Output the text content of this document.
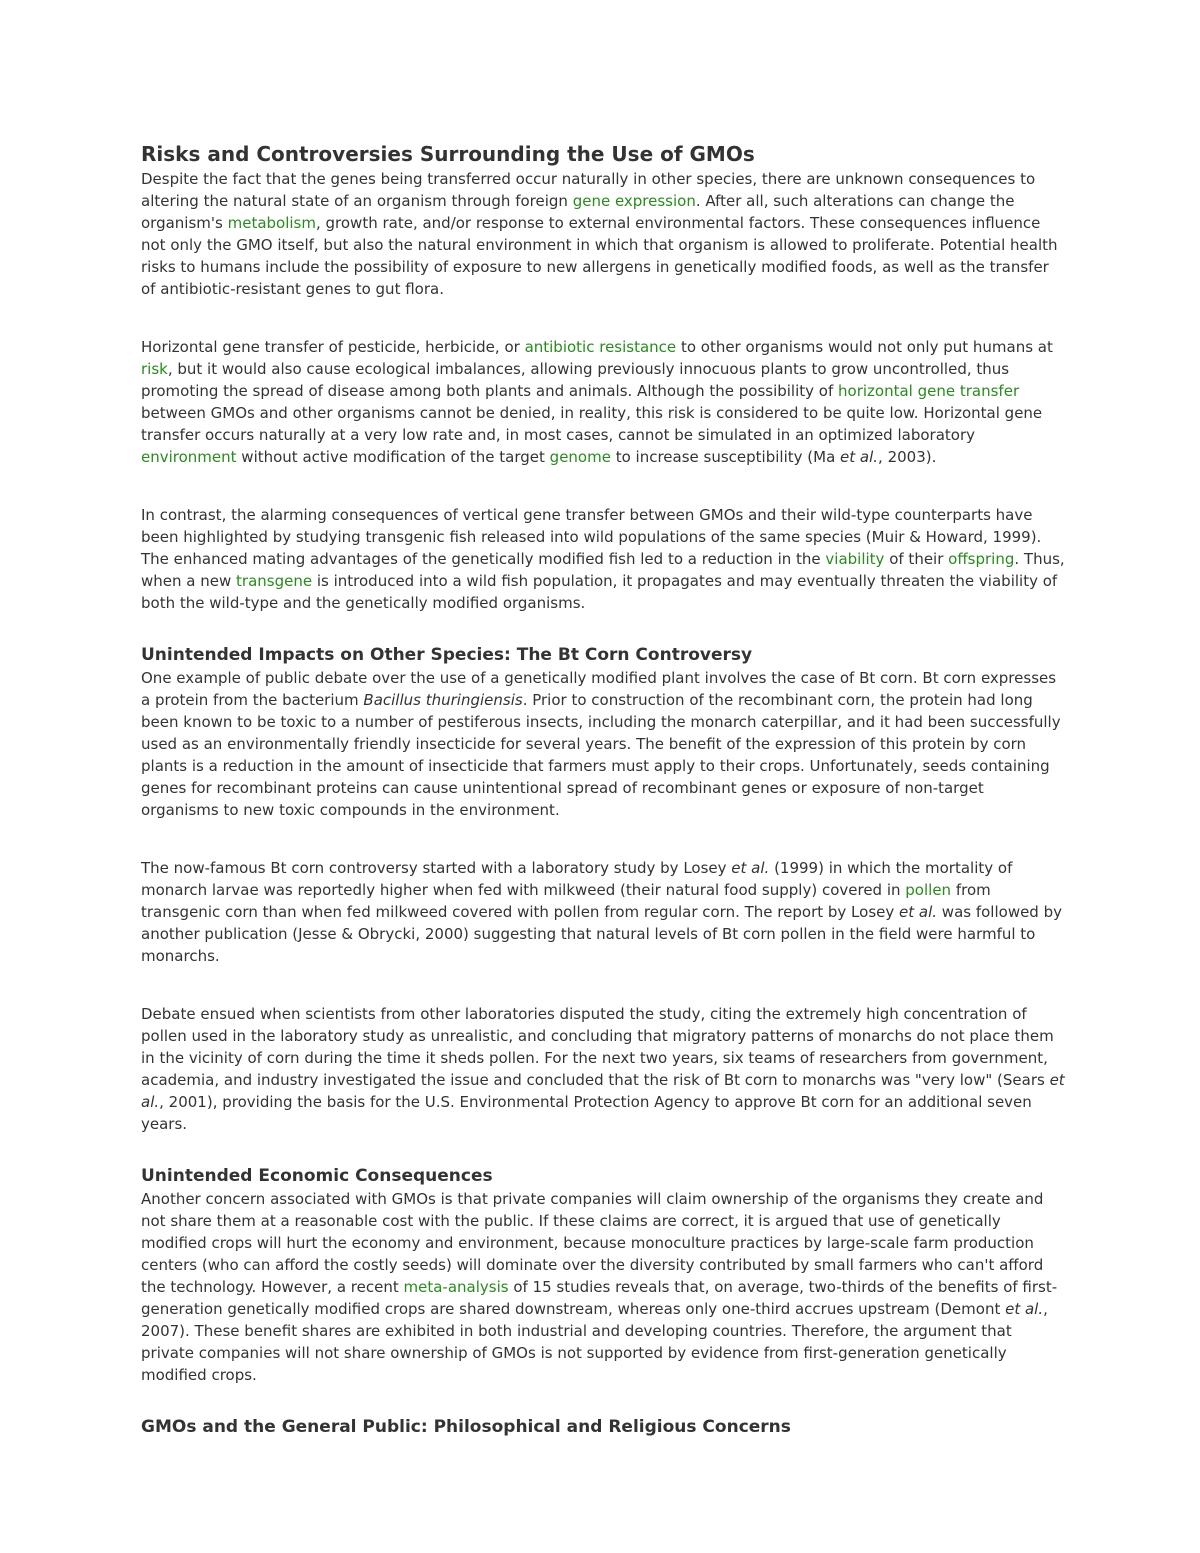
Risks and Controversies Surrounding the Use of GMOs

Despite the fact that the genes being transferred occur naturally in other species, there are unknown consequences to altering the natural state of an organism through foreign gene expression. After all, such alterations can change the organism's metabolism, growth rate, and/or response to external environmental factors. These consequences influence not only the GMO itself, but also the natural environment in which that organism is allowed to proliferate. Potential health risks to humans include the possibility of exposure to new allergens in genetically modified foods, as well as the transfer of antibiotic-resistant genes to gut flora.

Horizontal gene transfer of pesticide, herbicide, or antibiotic resistance to other organisms would not only put humans at risk, but it would also cause ecological imbalances, allowing previously innocuous plants to grow uncontrolled, thus promoting the spread of disease among both plants and animals. Although the possibility of horizontal gene transfer between GMOs and other organisms cannot be denied, in reality, this risk is considered to be quite low. Horizontal gene transfer occurs naturally at a very low rate and, in most cases, cannot be simulated in an optimized laboratory environment without active modification of the target genome to increase susceptibility (Ma et al., 2003).

In contrast, the alarming consequences of vertical gene transfer between GMOs and their wild-type counterparts have been highlighted by studying transgenic fish released into wild populations of the same species (Muir & Howard, 1999). The enhanced mating advantages of the genetically modified fish led to a reduction in the viability of their offspring. Thus, when a new transgene is introduced into a wild fish population, it propagates and may eventually threaten the viability of both the wild-type and the genetically modified organisms.

Unintended Impacts on Other Species: The Bt Corn Controversy

One example of public debate over the use of a genetically modified plant involves the case of Bt corn. Bt corn expresses a protein from the bacterium Bacillus thuringiensis. Prior to construction of the recombinant corn, the protein had long been known to be toxic to a number of pestiferous insects, including the monarch caterpillar, and it had been successfully used as an environmentally friendly insecticide for several years. The benefit of the expression of this protein by corn plants is a reduction in the amount of insecticide that farmers must apply to their crops. Unfortunately, seeds containing genes for recombinant proteins can cause unintentional spread of recombinant genes or exposure of non-target organisms to new toxic compounds in the environment.

The now-famous Bt corn controversy started with a laboratory study by Losey et al. (1999) in which the mortality of monarch larvae was reportedly higher when fed with milkweed (their natural food supply) covered in pollen from transgenic corn than when fed milkweed covered with pollen from regular corn. The report by Losey et al. was followed by another publication (Jesse & Obrycki, 2000) suggesting that natural levels of Bt corn pollen in the field were harmful to monarchs.

Debate ensued when scientists from other laboratories disputed the study, citing the extremely high concentration of pollen used in the laboratory study as unrealistic, and concluding that migratory patterns of monarchs do not place them in the vicinity of corn during the time it sheds pollen. For the next two years, six teams of researchers from government, academia, and industry investigated the issue and concluded that the risk of Bt corn to monarchs was "very low" (Sears et al., 2001), providing the basis for the U.S. Environmental Protection Agency to approve Bt corn for an additional seven years.

Unintended Economic Consequences

Another concern associated with GMOs is that private companies will claim ownership of the organisms they create and not share them at a reasonable cost with the public. If these claims are correct, it is argued that use of genetically modified crops will hurt the economy and environment, because monoculture practices by large-scale farm production centers (who can afford the costly seeds) will dominate over the diversity contributed by small farmers who can't afford the technology. However, a recent meta-analysis of 15 studies reveals that, on average, two-thirds of the benefits of first-generation genetically modified crops are shared downstream, whereas only one-third accrues upstream (Demont et al., 2007). These benefit shares are exhibited in both industrial and developing countries. Therefore, the argument that private companies will not share ownership of GMOs is not supported by evidence from first-generation genetically modified crops.

GMOs and the General Public: Philosophical and Religious Concerns
